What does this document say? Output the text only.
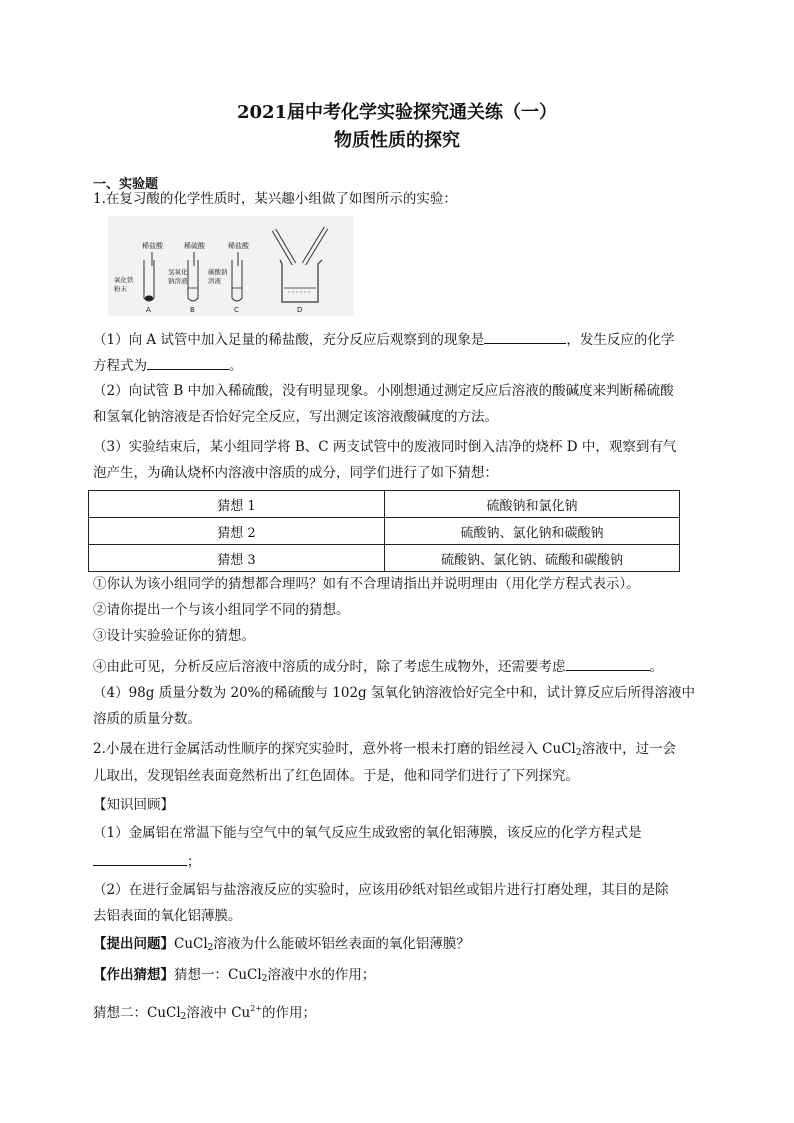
2021届中考化学实验探究通关练（一）
物质性质的探究
一、实验题
1.在复习酸的化学性质时，某兴趣小组做了如图所示的实验：
稀盐酸	稀硫酸	稀盐酸
氧化铁
粉末
氢氧化
钠溶液
碳酸钠
溶液
A	B	C	D
（1）向 A 试管中加入足量的稀盐酸，充分反应后观察到的现象是	，发生反应的化学
方程式为	。
（2）向试管 B 中加入稀硫酸，没有明显现象。小刚想通过测定反应后溶液的酸碱度来判断稀硫酸
和氢氧化钠溶液是否恰好完全反应，写出测定该溶液酸碱度的方法。
（3）实验结束后，某小组同学将 B、C 两支试管中的废液同时倒入洁净的烧杯 D 中，观察到有气
泡产生，为确认烧杯内溶液中溶质的成分，同学们进行了如下猜想：
猜想 1	硫酸钠和氯化钠
猜想 2	硫酸钠、氯化钠和碳酸钠
猜想 3	硫酸钠、氯化钠、硫酸和碳酸钠
①你认为该小组同学的猜想都合理吗？如有不合理请指出并说明理由（用化学方程式表示）。
②请你提出一个与该小组同学不同的猜想。
③设计实验验证你的猜想。
④由此可见，分析反应后溶液中溶质的成分时，除了考虑生成物外，还需要考虑	。
（4）98g 质量分数为 20%的稀硫酸与 102g 氢氧化钠溶液恰好完全中和，试计算反应后所得溶液中
溶质的质量分数。
2.小晟在进行金属活动性顺序的探究实验时，意外将一根未打磨的铝丝浸入 CuCl$_2$溶液中，过一会
儿取出，发现铝丝表面竟然析出了红色固体。于是，他和同学们进行了下列探究。
【知识回顾】
（1）金属铝在常温下能与空气中的氧气反应生成致密的氧化铝薄膜，该反应的化学方程式是
；
（2）在进行金属铝与盐溶液反应的实验时，应该用砂纸对铝丝或铝片进行打磨处理，其目的是除
去铝表面的氧化铝薄膜。
【提出问题】CuCl$_2$溶液为什么能破坏铝丝表面的氧化铝薄膜？
【作出猜想】猜想一：CuCl$_2$溶液中水的作用；
猜想二：CuCl$_2$溶液中 $Cu^{2+}$的作用；
